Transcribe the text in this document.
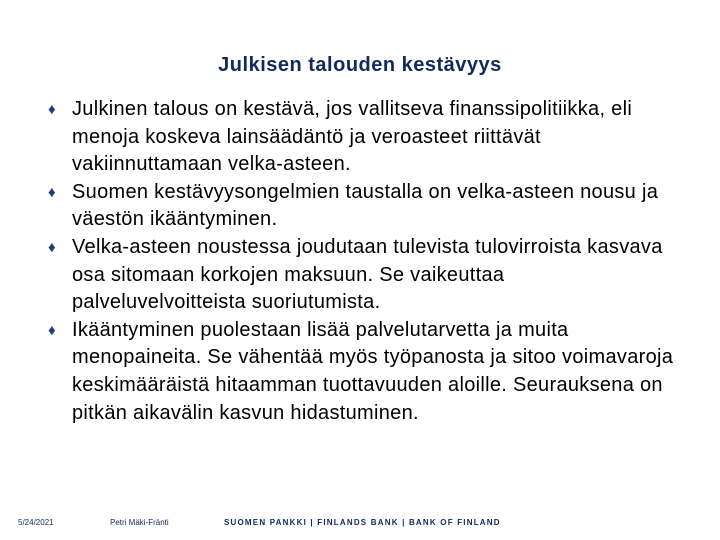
Julkisen talouden kestävyys
♦ Julkinen talous on kestävä, jos vallitseva finanssipolitiikka, eli menoja koskeva lainsäädäntö ja veroasteet riittävät vakiinnuttamaan velka-asteen.
♦ Suomen kestävyysongelmien taustalla on velka-asteen nousu ja väestön ikääntyminen.
♦ Velka-asteen noustessa joudutaan tulevista tulovirroista kasvava osa sitomaan korkojen maksuun. Se vaikeuttaa palveluvelvoitteista suoriutumista.
♦ Ikääntyminen puolestaan lisää palvelutarvetta ja muita menopaineita. Se vähentää myös työpanosta ja sitoo voimavaroja keskimääräistä hitaamman tuottavuuden aloille. Seurauksena on pitkän aikavälin kasvun hidastuminen.
5/24/2021	Petri Mäki-Fränti	SUOMEN PANKKI | FINLANDS BANK | BANK OF FINLAND
